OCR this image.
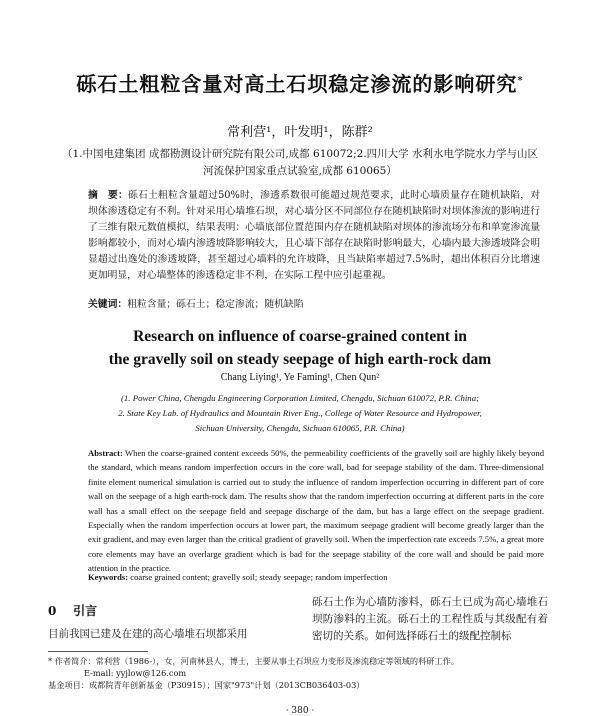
砾石土粗粒含量对高土石坝稳定渗流的影响研究*
常利营¹，叶发明¹，陈群²
（1.中国电建集团 成都勘测设计研究院有限公司,成都 610072;2.四川大学 水利水电学院水力学与山区
河流保护国家重点试验室,成都 610065）
摘　要：砾石土粗粒含量超过50%时，渗透系数很可能超过规范要求，此时心墙质量存在随机缺陷，对坝体渗透稳定有不利。针对采用心墙堆石坝，对心墙分区不同部位存在随机缺陷时对坝体渗流的影响进行了三维有限元数值模拟，结果表明：心墙底部位置范围内存在随机缺陷对坝体的渗流场分布和单宽渗流量影响都较小，而对心墙内渗透坡降影响较大，且心墙下部存在缺陷时影响最大，心墙内最大渗透坡降会明显超过出逸处的渗透坡降，甚至超过心墙料的允许坡降，且当缺陷率超过7.5%时，超出体积百分比增速更加明显，对心墙整体的渗透稳定非不利，在实际工程中应引起重视。
关键词：粗粒含量；砾石土；稳定渗流；随机缺陷
Research on influence of coarse-grained content in
the gravelly soil on steady seepage of high earth-rock dam
Chang Liying¹, Ye Faming¹, Chen Qun²
(1. Power China, Chengdu Engineering Corporation Limited, Chengdu, Sichuan 610072, P.R. China;
2. State Key Lab. of Hydraulics and Mountain River Eng., College of Water Resource and Hydropower,
Sichuan University, Chengdu, Sichuan 610065, P.R. China)
Abstract: When the coarse-grained content exceeds 50%, the permeability coefficients of the gravelly soil are highly likely beyond the standard, which means random imperfection occurs in the core wall, bad for seepage stability of the dam. Three-dimensional finite element numerical simulation is carried out to study the influence of random imperfection occurring in different part of core wall on the seepage of a high earth-rock dam. The results show that the random imperfection occurring at different parts in the core wall has a small effect on the seepage field and seepage discharge of the dam, but has a large effect on the seepage gradient. Especially when the random imperfection occurs at lower part, the maximum seepage gradient will become greatly larger than the exit gradient, and may even larger than the critical gradient of gravelly soil. When the imperfection rate exceeds 7.5%, a great more core elements may have an overlarge gradient which is bad for the seepage stability of the core wall and should be paid more attention in the practice.
Keywords: coarse grained content; gravelly soil; steady seepage; random imperfection
0 引言
目前我国已建及在建的高心墙堆石坝都采用
砾石土作为心墙防渗料，砾石土已成为高心墙堆石坝防渗料的主流。砾石土的工程性质与其级配有着密切的关系。如何选择砾石土的级配控制标
* 作者简介：常利营（1986-），女，河南林县人，博士，主要从事土石坝应力变形及渗流稳定等领域的科研工作。
E-mail: yyjlow@126.com
基金项目：成都院青年创新基金（P30915）；国家"973"计划（2013CB036403-03）
· 380 ·
